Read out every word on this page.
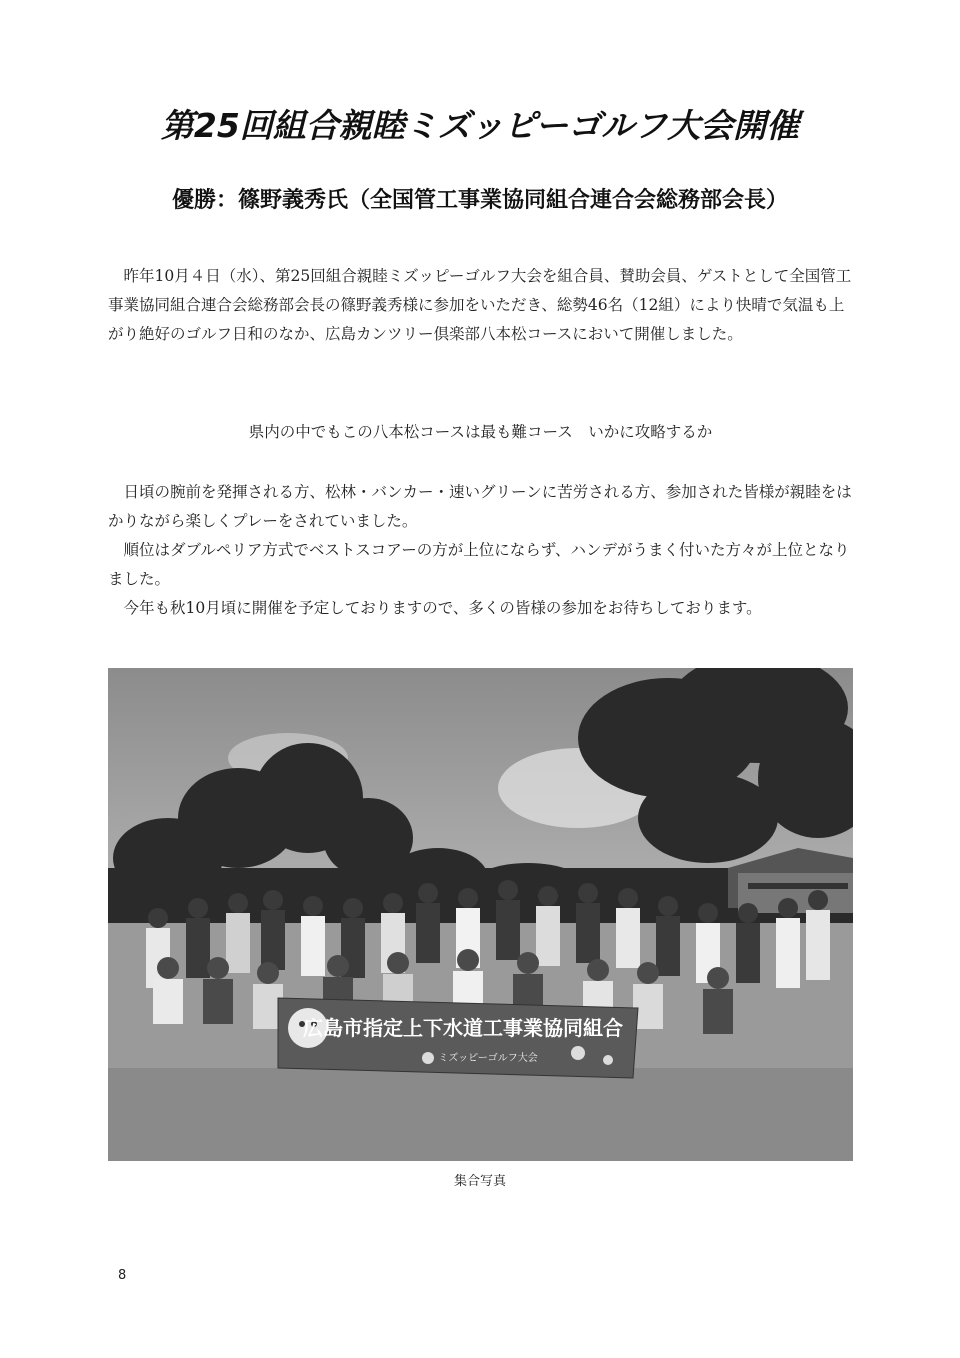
第25回組合親睦ミズッピーゴルフ大会開催
優勝：篠野義秀氏（全国管工事業協同組合連合会総務部会長）

昨年10月４日（水）、第25回組合親睦ミズッピーゴルフ大会を組合員、賛助会員、ゲストとして全国管工事業協同組合連合会総務部会長の篠野義秀様に参加をいただき、総勢46名（12組）により快晴で気温も上がり絶好のゴルフ日和のなか、広島カンツリー倶楽部八本松コースにおいて開催しました。

県内の中でもこの八本松コースは最も難コース　いかに攻略するか

日頃の腕前を発揮される方、松林・バンカー・速いグリーンに苦労される方、参加された皆様が親睦をはかりながら楽しくプレーをされていました。

順位はダブルペリア方式でベストスコアーの方が上位にならず、ハンデがうまく付いた方々が上位となりました。

今年も秋10月頃に開催を予定しておりますので、多くの皆様の参加をお待ちしております。

広島市指定上下水道工事業協同組合
ミズッピーゴルフ大会
集合写真
8
